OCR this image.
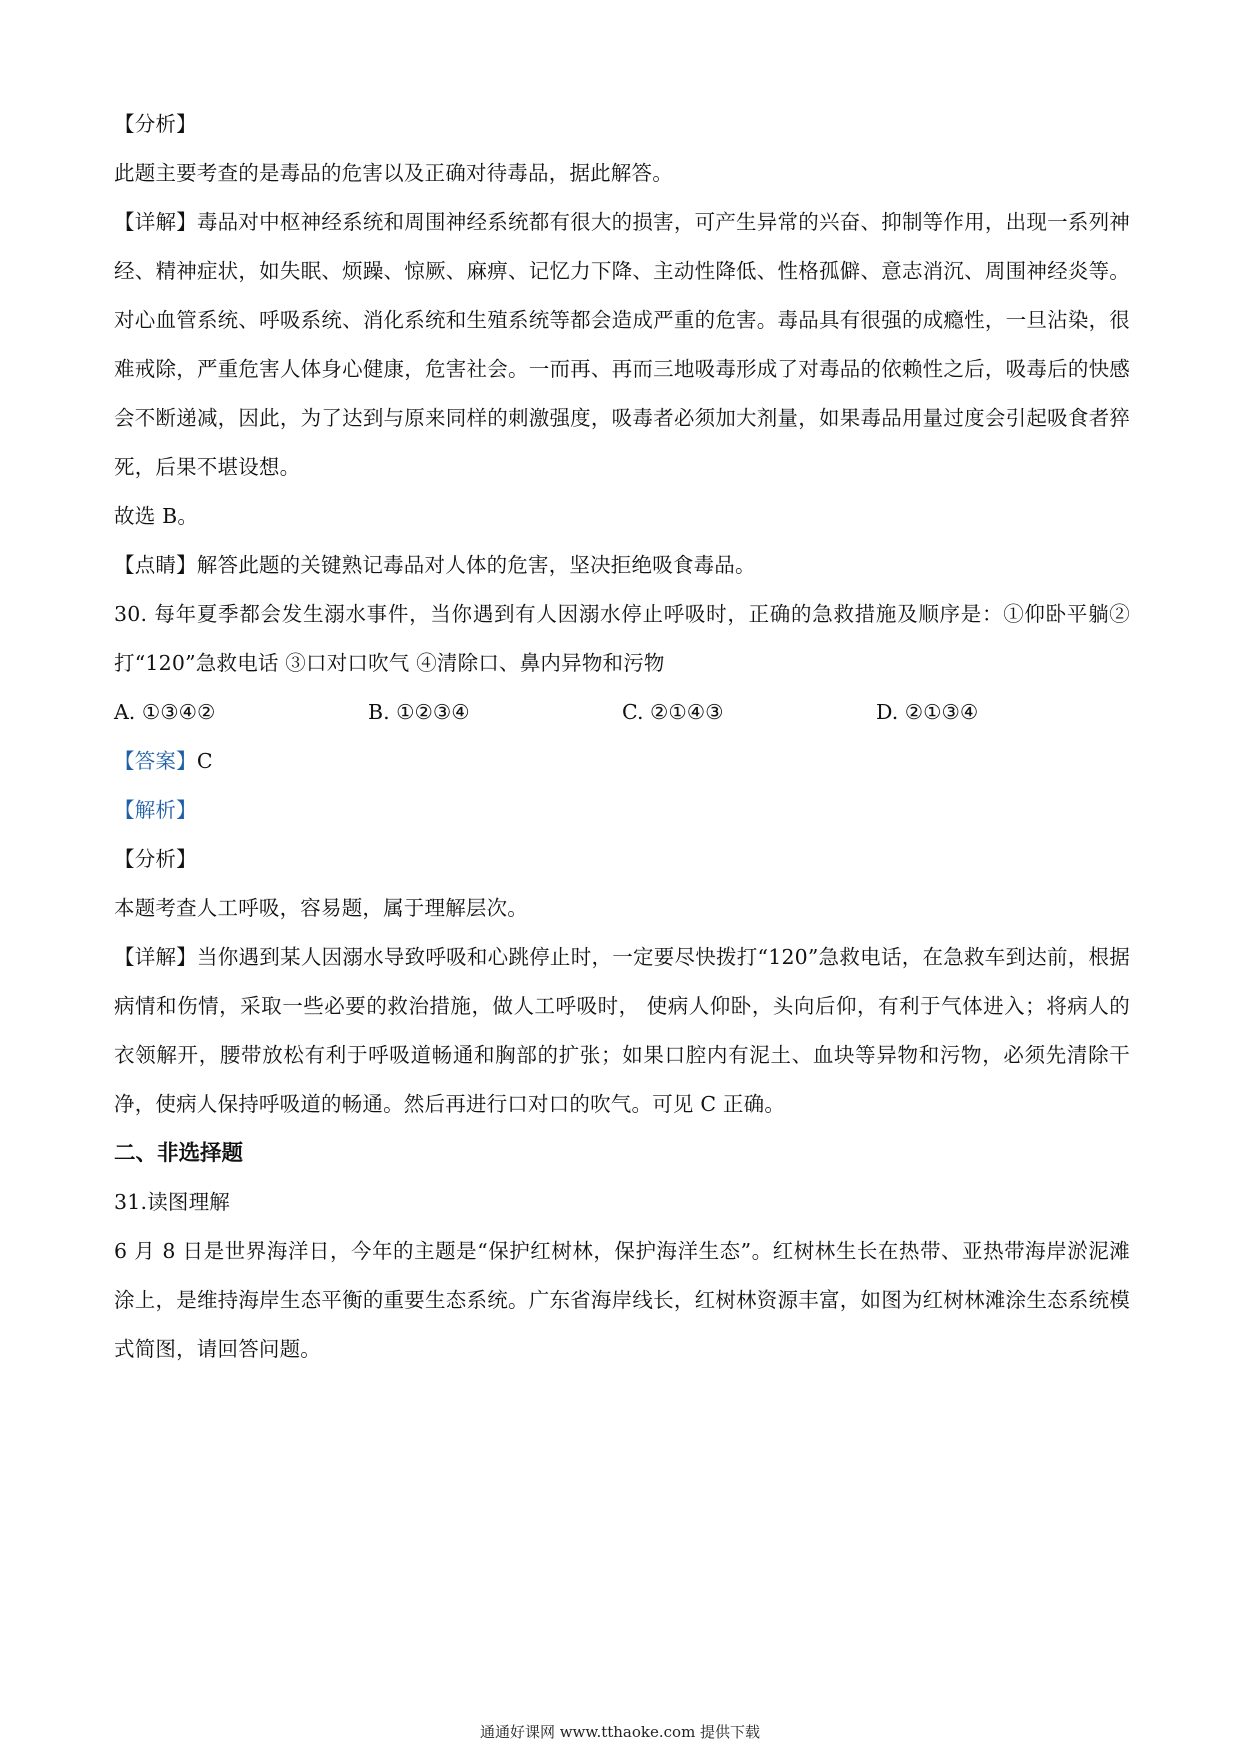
【分析】
此题主要考查的是毒品的危害以及正确对待毒品，据此解答。
【详解】毒品对中枢神经系统和周围神经系统都有很大的损害，可产生异常的兴奋、抑制等作用，出现一系列神经、精神症状，如失眠、烦躁、惊厥、麻痹、记忆力下降、主动性降低、性格孤僻、意志消沉、周围神经炎等。对心血管系统、呼吸系统、消化系统和生殖系统等都会造成严重的危害。毒品具有很强的成瘾性，一旦沾染，很难戒除，严重危害人体身心健康，危害社会。一而再、再而三地吸毒形成了对毒品的依赖性之后，吸毒后的快感会不断递减，因此，为了达到与原来同样的刺激强度，吸毒者必须加大剂量，如果毒品用量过度会引起吸食者猝死，后果不堪设想。
故选 B。
【点睛】解答此题的关键熟记毒品对人体的危害，坚决拒绝吸食毒品。
30. 每年夏季都会发生溺水事件，当你遇到有人因溺水停止呼吸时，正确的急救措施及顺序是：①仰卧平躺②打“120”急救电话 ③口对口吹气 ④清除口、鼻内异物和污物
A. ①③④②	B. ①②③④	C. ②①④③	D. ②①③④
【答案】C
【解析】
【分析】
本题考查人工呼吸，容易题，属于理解层次。
【详解】当你遇到某人因溺水导致呼吸和心跳停止时，一定要尽快拨打“120”急救电话，在急救车到达前，根据病情和伤情，采取一些必要的救治措施，做人工呼吸时， 使病人仰卧，头向后仰，有利于气体进入；将病人的衣领解开，腰带放松有利于呼吸道畅通和胸部的扩张；如果口腔内有泥土、血块等异物和污物，必须先清除干净，使病人保持呼吸道的畅通。然后再进行口对口的吹气。可见 C 正确。
二、非选择题
31.读图理解
6 月 8 日是世界海洋日，今年的主题是“保护红树林，保护海洋生态”。红树林生长在热带、亚热带海岸淤泥滩涂上，是维持海岸生态平衡的重要生态系统。广东省海岸线长，红树林资源丰富，如图为红树林滩涂生态系统模式简图，请回答问题。
通通好课网 www.tthaoke.com 提供下载
